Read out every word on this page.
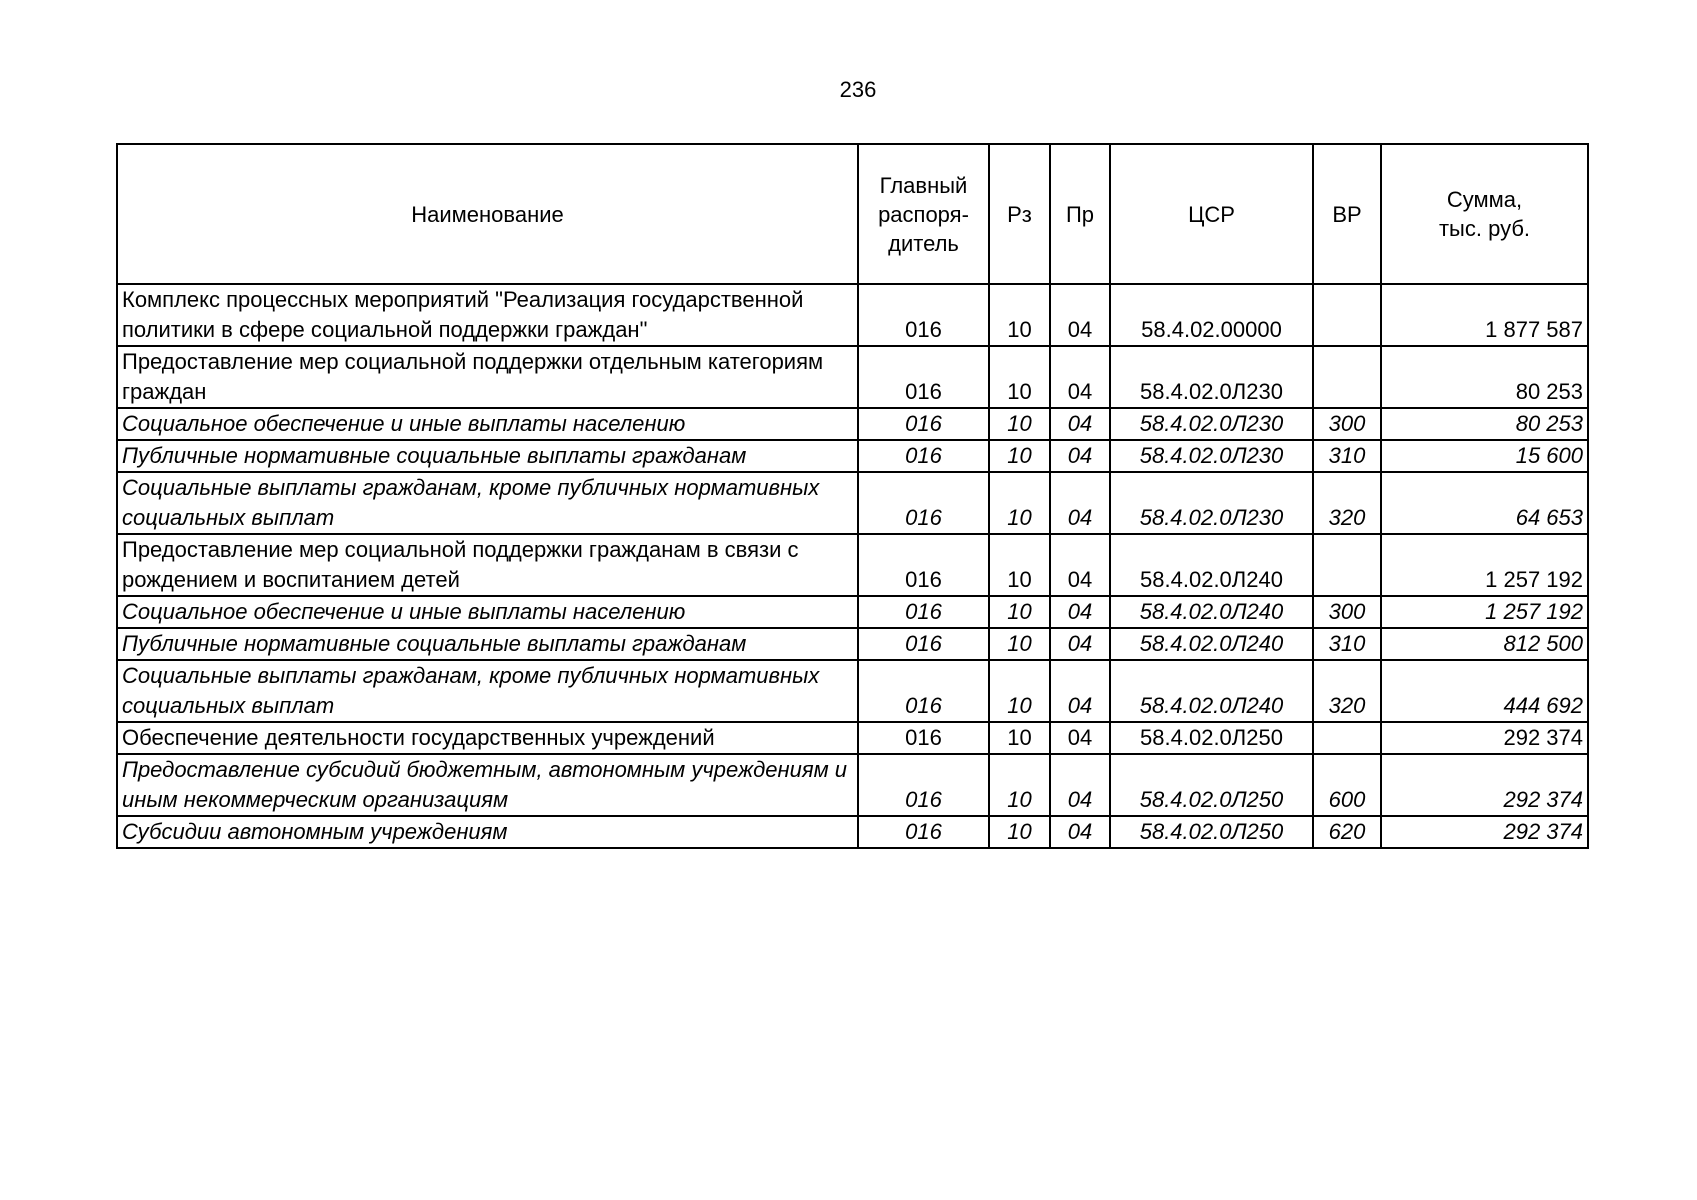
236
Наименование	Главный
распоря-
дитель	Рз	Пр	ЦСР	ВР	Сумма,
тыс. руб.
Комплекс процессных мероприятий "Реализация государственной политики в сфере социальной поддержки граждан"	016	10	04	58.4.02.00000		1 877 587
Предоставление мер социальной поддержки отдельным категориям граждан	016	10	04	58.4.02.0Л230		80 253
Социальное обеспечение и иные выплаты населению	016	10	04	58.4.02.0Л230	300	80 253
Публичные нормативные социальные выплаты гражданам	016	10	04	58.4.02.0Л230	310	15 600
Социальные выплаты гражданам, кроме публичных нормативных социальных выплат	016	10	04	58.4.02.0Л230	320	64 653
Предоставление мер социальной поддержки гражданам в связи с рождением и воспитанием детей	016	10	04	58.4.02.0Л240		1 257 192
Социальное обеспечение и иные выплаты населению	016	10	04	58.4.02.0Л240	300	1 257 192
Публичные нормативные социальные выплаты гражданам	016	10	04	58.4.02.0Л240	310	812 500
Социальные выплаты гражданам, кроме публичных нормативных социальных выплат	016	10	04	58.4.02.0Л240	320	444 692
Обеспечение деятельности государственных учреждений	016	10	04	58.4.02.0Л250		292 374
Предоставление субсидий бюджетным, автономным учреждениям и иным некоммерческим организациям	016	10	04	58.4.02.0Л250	600	292 374
Субсидии автономным учреждениям	016	10	04	58.4.02.0Л250	620	292 374
